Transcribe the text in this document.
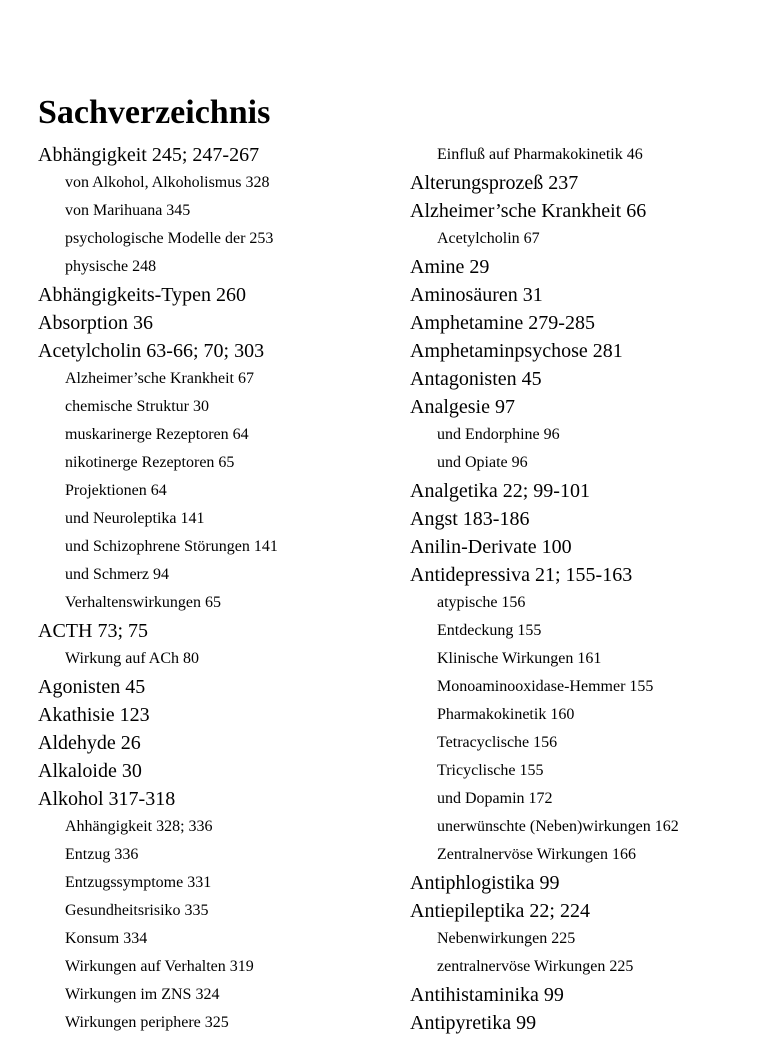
Sachverzeichnis
Abhängigkeit 245; 247-267
von Alkohol, Alkoholismus 328
von Marihuana 345
psychologische Modelle der 253
physische 248
Abhängigkeits-Typen 260
Absorption 36
Acetylcholin 63-66; 70; 303
Alzheimer’sche Krankheit 67
chemische Struktur 30
muskarinerge Rezeptoren 64
nikotinerge Rezeptoren 65
Projektionen 64
und Neuroleptika 141
und Schizophrene Störungen 141
und Schmerz 94
Verhaltenswirkungen 65
ACTH 73; 75
Wirkung auf ACh 80
Agonisten 45
Akathisie 123
Aldehyde 26
Alkaloide 30
Alkohol 317-318
Ahhängigkeit 328; 336
Entzug 336
Entzugssymptome 331
Gesundheitsrisiko 335
Konsum 334
Wirkungen auf Verhalten 319
Wirkungen im ZNS 324
Wirkungen periphere 325
Einfluß auf Pharmakokinetik 46
Alterungsprozeß 237
Alzheimer’sche Krankheit 66
Acetylcholin 67
Amine 29
Aminosäuren 31
Amphetamine 279-285
Amphetaminpsychose 281
Antagonisten 45
Analgesie 97
und Endorphine 96
und Opiate 96
Analgetika 22; 99-101
Angst 183-186
Anilin-Derivate 100
Antidepressiva 21; 155-163
atypische 156
Entdeckung 155
Klinische Wirkungen 161
Monoaminooxidase-Hemmer 155
Pharmakokinetik 160
Tetracyclische 156
Tricyclische 155
und Dopamin 172
unerwünschte (Neben)wirkungen 162
Zentralnervöse Wirkungen 166
Antiphlogistika 99
Antiepileptika 22; 224
Nebenwirkungen 225
zentralnervöse Wirkungen 225
Antihistaminika 99
Antipyretika 99
